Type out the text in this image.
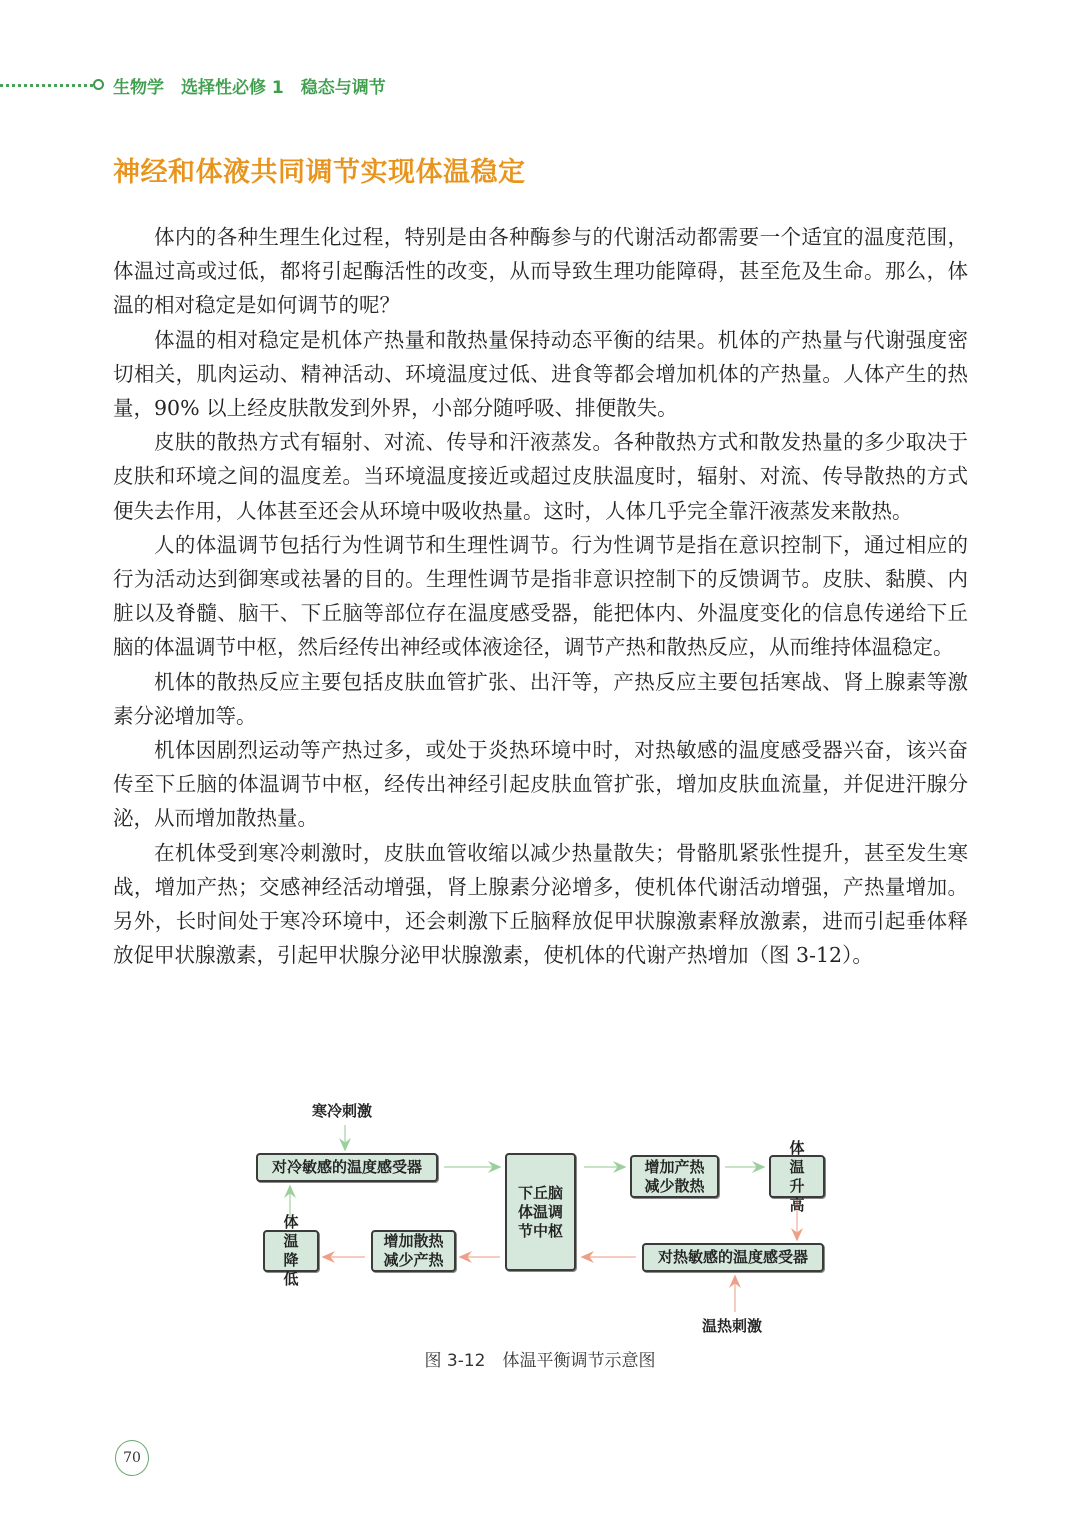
生物学　选择性必修 1　稳态与调节
神经和体液共同调节实现体温稳定

体内的各种生理生化过程，特别是由各种酶参与的代谢活动都需要一个适宜的温度范围，体温过高或过低，都将引起酶活性的改变，从而导致生理功能障碍，甚至危及生命。那么，体温的相对稳定是如何调节的呢？

体温的相对稳定是机体产热量和散热量保持动态平衡的结果。机体的产热量与代谢强度密切相关，肌肉运动、精神活动、环境温度过低、进食等都会增加机体的产热量。人体产生的热量，90% 以上经皮肤散发到外界，小部分随呼吸、排便散失。

皮肤的散热方式有辐射、对流、传导和汗液蒸发。各种散热方式和散发热量的多少取决于皮肤和环境之间的温度差。当环境温度接近或超过皮肤温度时，辐射、对流、传导散热的方式便失去作用，人体甚至还会从环境中吸收热量。这时，人体几乎完全靠汗液蒸发来散热。

人的体温调节包括行为性调节和生理性调节。行为性调节是指在意识控制下，通过相应的行为活动达到御寒或祛暑的目的。生理性调节是指非意识控制下的反馈调节。皮肤、黏膜、内脏以及脊髓、脑干、下丘脑等部位存在温度感受器，能把体内、外温度变化的信息传递给下丘脑的体温调节中枢，然后经传出神经或体液途径，调节产热和散热反应，从而维持体温稳定。

机体的散热反应主要包括皮肤血管扩张、出汗等，产热反应主要包括寒战、肾上腺素等激素分泌增加等。

机体因剧烈运动等产热过多，或处于炎热环境中时，对热敏感的温度感受器兴奋，该兴奋传至下丘脑的体温调节中枢，经传出神经引起皮肤血管扩张，增加皮肤血流量，并促进汗腺分泌，从而增加散热量。

在机体受到寒冷刺激时，皮肤血管收缩以减少热量散失；骨骼肌紧张性提升，甚至发生寒战，增加产热；交感神经活动增强，肾上腺素分泌增多，使机体代谢活动增强，产热量增加。另外，长时间处于寒冷环境中，还会刺激下丘脑释放促甲状腺激素释放激素，进而引起垂体释放促甲状腺激素，引起甲状腺分泌甲状腺激素，使机体的代谢产热增加（图 3-12）。

寒冷刺激
对冷敏感的温度感受器
下丘脑体温调节中枢
增加产热减少散热
体温升高
对热敏感的温度感受器
温热刺激
增加散热减少产热
体温降低
图 3-12　体温平衡调节示意图
70
